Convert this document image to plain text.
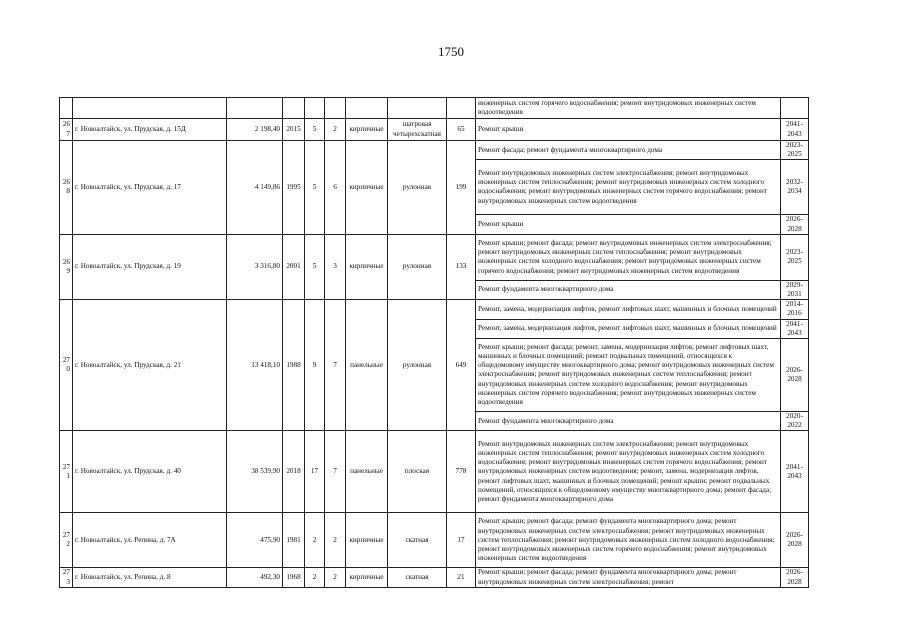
1750
									инженерных систем горячего водоснабжения; ремонт внутридомовых инженерных систем водоотведения	
267	г. Новоалтайск, ул. Прудская, д. 15Д	2 198,40	2015	5	2	кирпичные	шатровая четырехскатная	65	Ремонт крыши	2041-2043
268	г. Новоалтайск, ул. Прудская, д. 17	4 149,86	1995	5	6	кирпичные	рулонная	199	Ремонт фасада; ремонт фундамента многоквартирного дома	2023-2025
									Ремонт внутридомовых инженерных систем электроснабжения; ремонт внутридомовых инженерных систем теплоснабжения; ремонт внутридомовых инженерных систем холодного водоснабжения; ремонт внутридомовых инженерных систем горячего водоснабжения; ремонт внутридомовых инженерных систем водоотведения	2032-2034
									Ремонт крыши	2026-2028
269	г. Новоалтайск, ул. Прудская, д. 19	3 316,80	2001	5	3	кирпичные	рулонная	133	Ремонт крыши; ремонт фасада; ремонт внутридомовых инженерных систем электроснабжения; ремонт внутридомовых инженерных систем теплоснабжения; ремонт внутридомовых инженерных систем холодного водоснабжения; ремонт внутридомовых инженерных систем горячего водоснабжения; ремонт внутридомовых инженерных систем водоотведения	2023-2025
									Ремонт фундамента многоквартирного дома	2029-2031
270	г. Новоалтайск, ул. Прудская, д. 21	13 418,10	1988	9	7	панельные	рулонная	649	Ремонт, замена, модернизация лифтов, ремонт лифтовых шахт, машинных и блочных помещений	2014-2016
									Ремонт, замена, модернизация лифтов, ремонт лифтовых шахт, машинных и блочных помещений	2041-2043
									Ремонт крыши; ремонт фасада; ремонт, замена, модернизация лифтов, ремонт лифтовых шахт, машинных и блочных помещений; ремонт подвальных помещений, относящихся к общедомовому имуществу многоквартирного дома; ремонт внутридомовых инженерных систем электроснабжения; ремонт внутридомовых инженерных систем теплоснабжения; ремонт внутридомовых инженерных систем холодного водоснабжения; ремонт внутридомовых инженерных систем горячего водоснабжения; ремонт внутридомовых инженерных систем водоотведения	2026-2028
									Ремонт фундамента многоквартирного дома	2020-2022
271	г. Новоалтайск, ул. Прудская, д. 40	38 539,90	2018	17	7	панельные	плоская	778	Ремонт внутридомовых инженерных систем электроснабжения; ремонт внутридомовых инженерных систем теплоснабжения; ремонт внутридомовых инженерных систем холодного водоснабжения; ремонт внутридомовых инженерных систем горячего водоснабжения; ремонт внутридомовых инженерных систем водоотведения; ремонт, замена, модернизация лифтов, ремонт лифтовых шахт, машинных и блочных помещений; ремонт крыши; ремонт подвальных помещений, относящихся к общедомовому имуществу многоквартирного дома; ремонт фасада; ремонт фундамента многоквартирного дома	2041-2043
272	г. Новоалтайск, ул. Репина, д. 7А	475,90	1981	2	2	кирпичные	скатная	17	Ремонт крыши; ремонт фасада; ремонт фундамента многоквартирного дома; ремонт внутридомовых инженерных систем электроснабжения; ремонт внутридомовых инженерных систем теплоснабжения; ремонт внутридомовых инженерных систем холодного водоснабжения; ремонт внутридомовых инженерных систем горячего водоснабжения; ремонт внутридомовых инженерных систем водоотведения	2026-2028
273	г. Новоалтайск, ул. Репина, д. 8	492,30	1968	2	2	кирпичные	скатная	21	Ремонт крыши; ремонт фасада; ремонт фундамента многоквартирного дома; ремонт внутридомовых инженерных систем электроснабжения; ремонт	2026-2028
